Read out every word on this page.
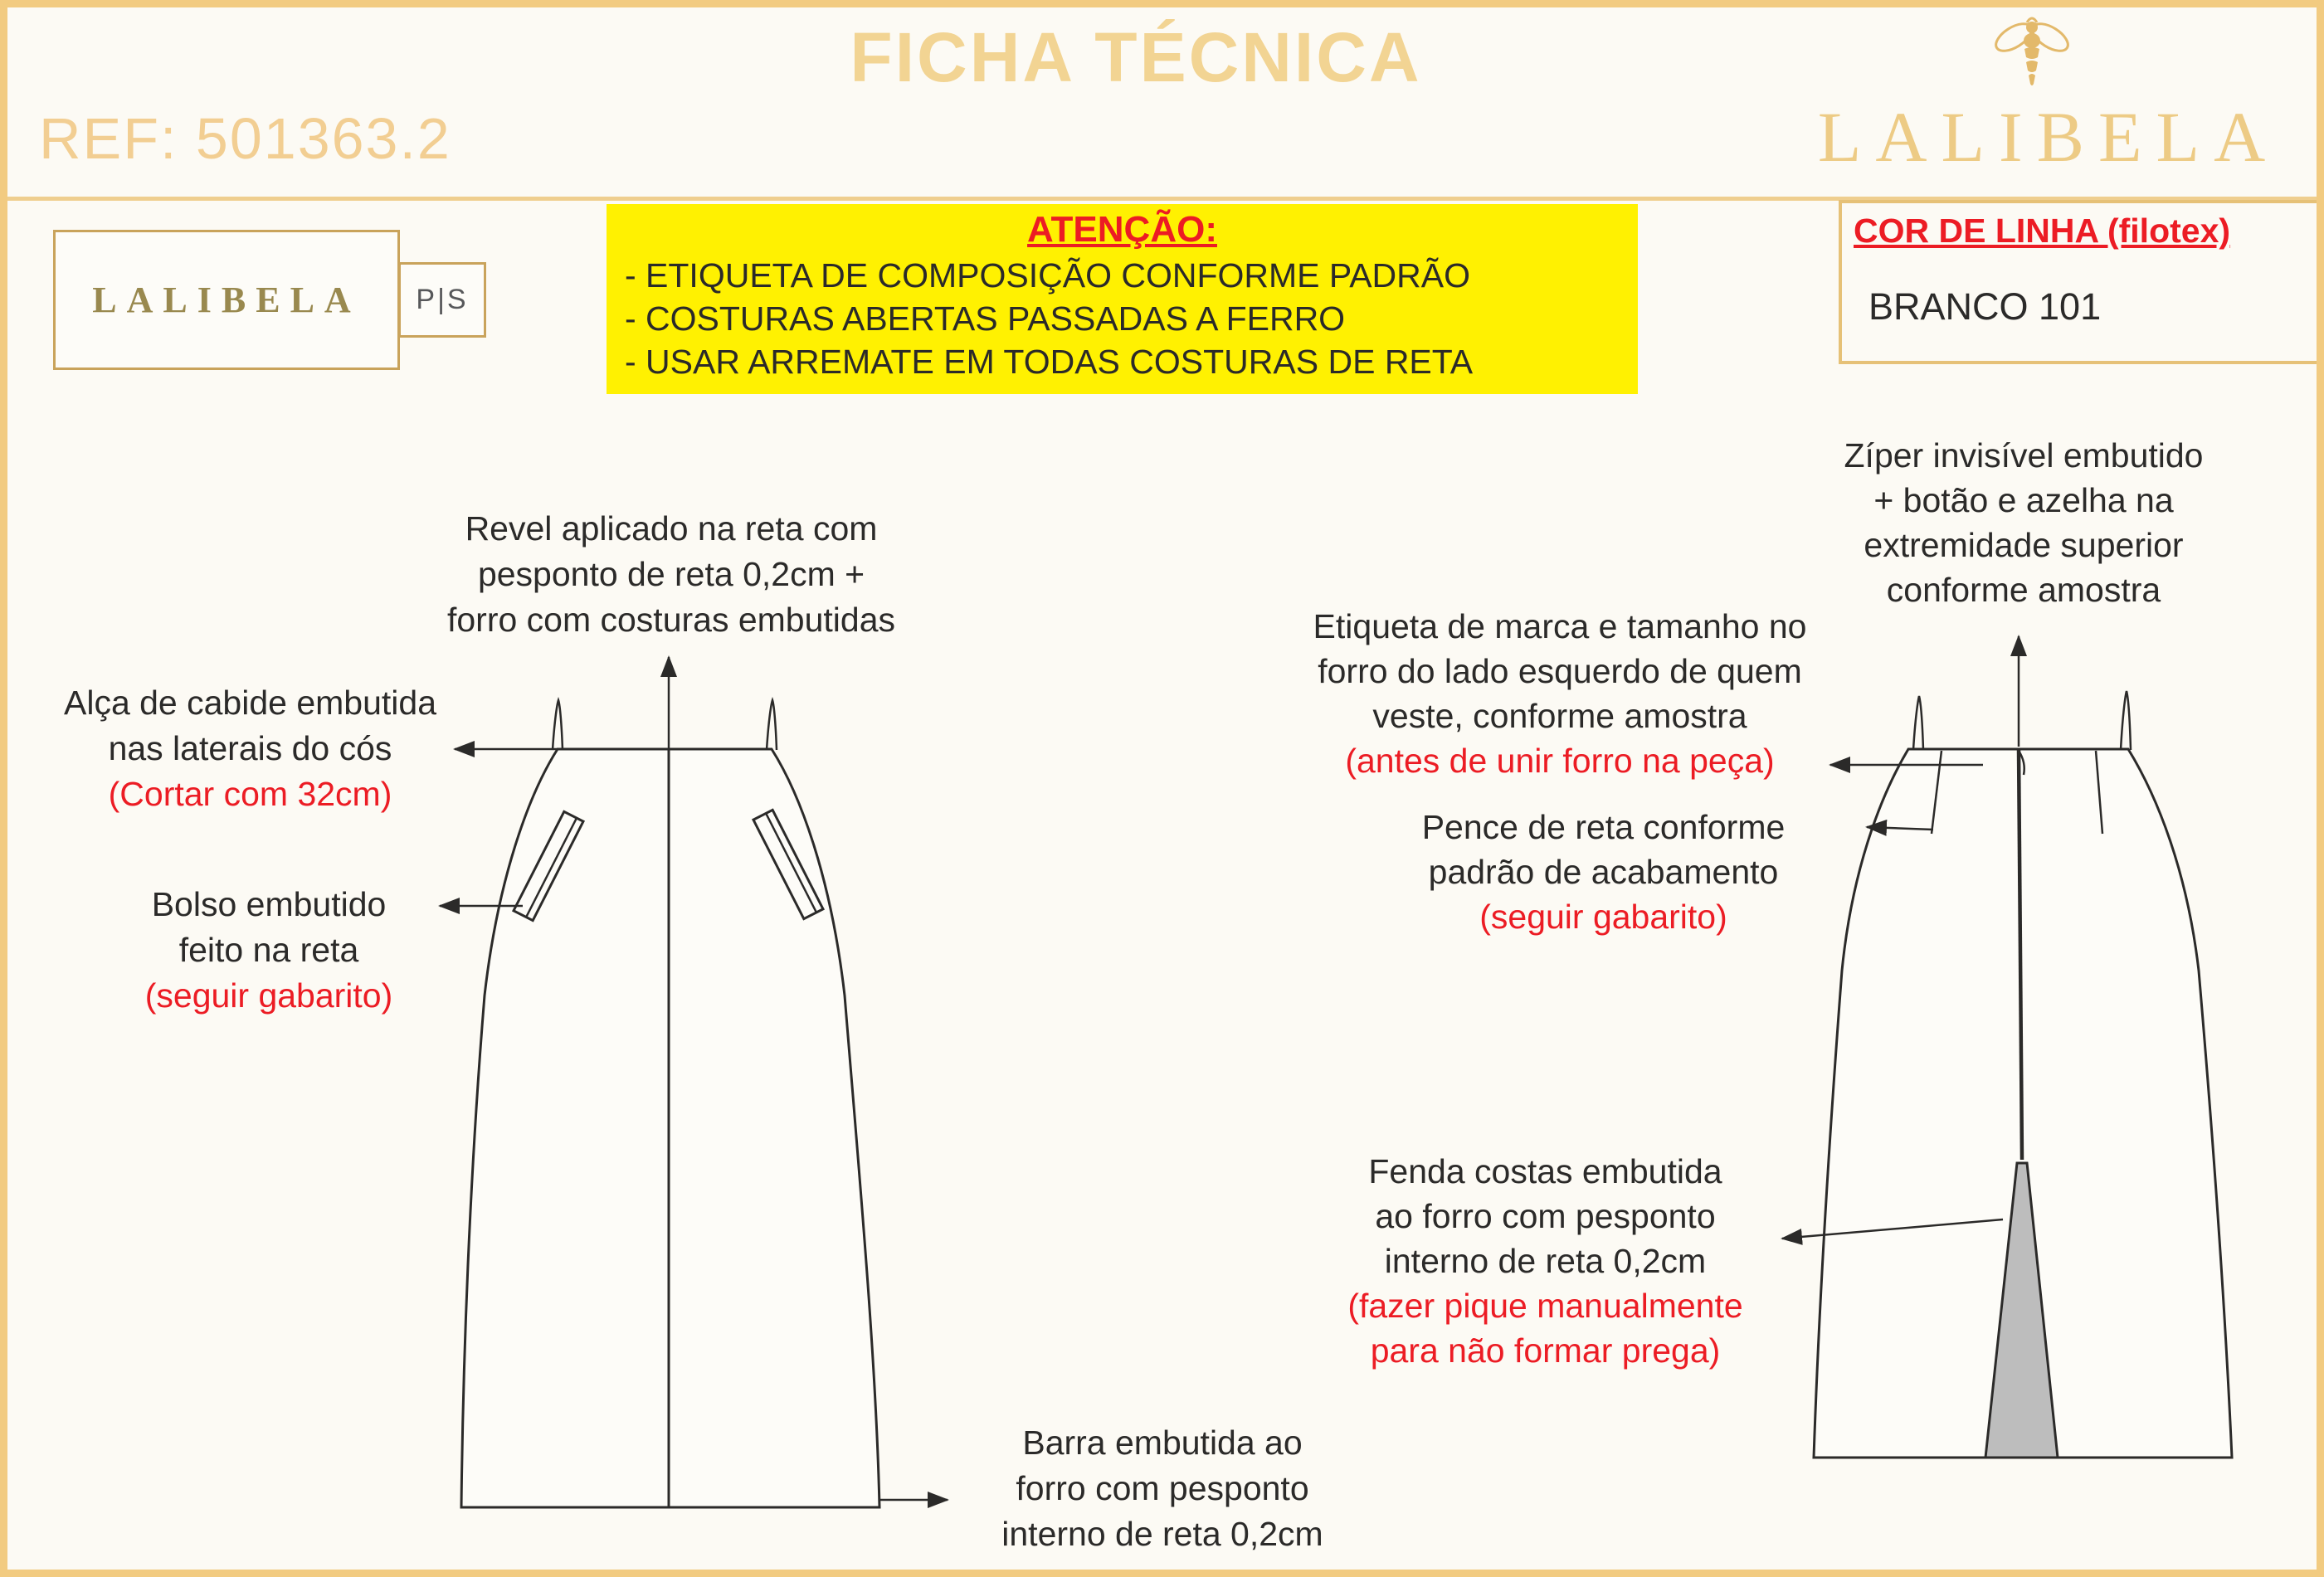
REF: 501363.2
FICHA TÉCNICA
LALIBELA
LALIBELA P|S
ATENÇÃO:
- ETIQUETA DE COMPOSIÇÃO CONFORME PADRÃO
- COSTURAS ABERTAS PASSADAS A FERRO
- USAR ARREMATE EM TODAS COSTURAS DE RETA
COR DE LINHA (filotex)
BRANCO 101
Revel aplicado na reta com
pesponto de reta 0,2cm +
forro com costuras embutidas
Alça de cabide embutida
nas laterais do cós
(Cortar com 32cm)
Bolso embutido
feito na reta
(seguir gabarito)
Barra embutida ao
forro com pesponto
interno de reta 0,2cm
Zíper invisível embutido
+ botão e azelha na
extremidade superior
conforme amostra
Etiqueta de marca e tamanho no
forro do lado esquerdo de quem
veste, conforme amostra
(antes de unir forro na peça)
Pence de reta conforme
padrão de acabamento
(seguir gabarito)
Fenda costas embutida
ao forro com pesponto
interno de reta 0,2cm
(fazer pique manualmente
para não formar prega)
